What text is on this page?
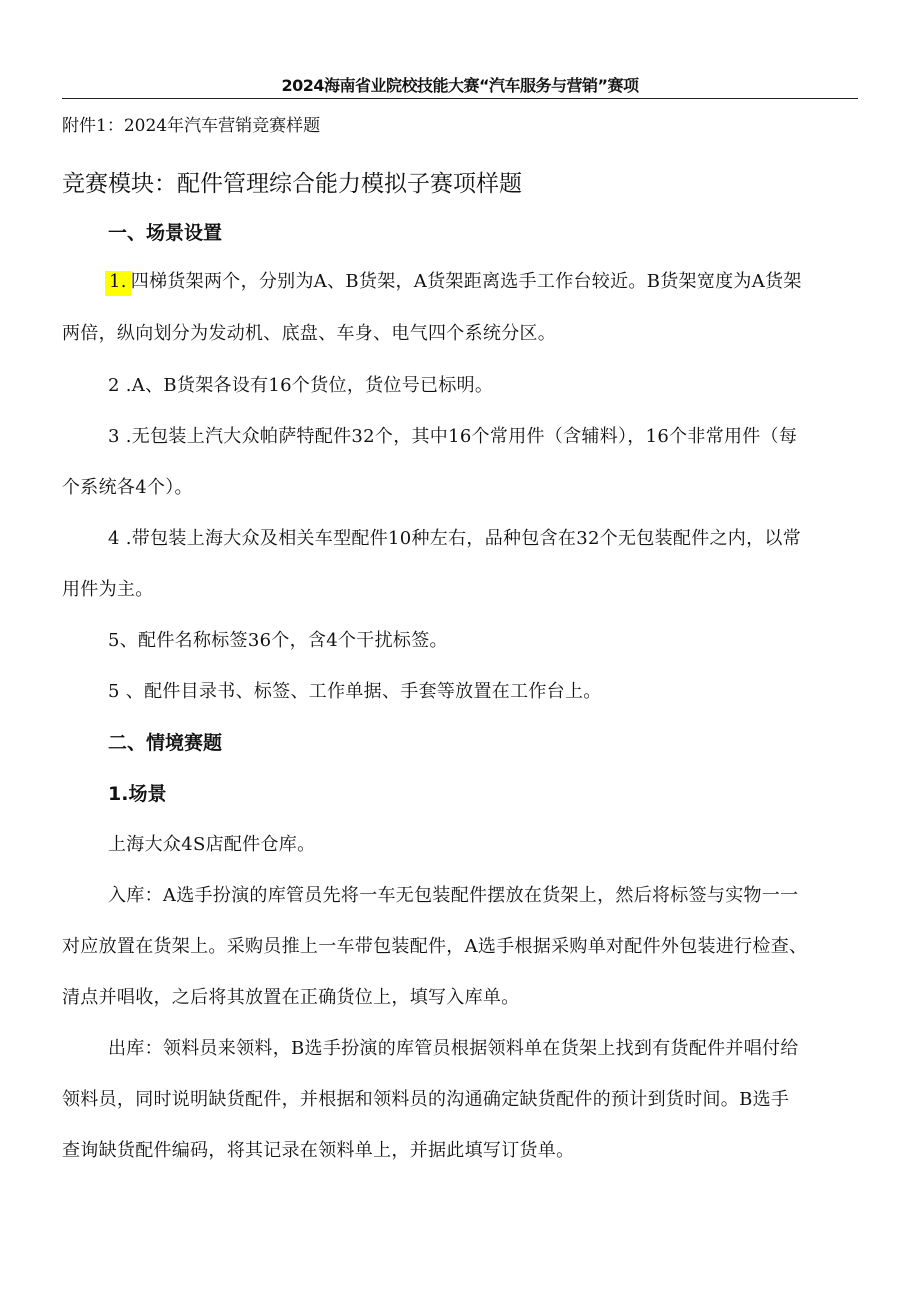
2024海南省业院校技能大赛“汽车服务与营销”赛项
附件1：2024年汽车营销竞赛样题
竞赛模块：配件管理综合能力模拟子赛项样题
一、场景设置
1. 四梯货架两个，分别为A、B货架，A货架距离选手工作台较近。B货架宽度为A货架
两倍，纵向划分为发动机、底盘、车身、电气四个系统分区。
2 .A、B货架各设有16个货位，货位号已标明。
3 .无包装上汽大众帕萨特配件32个，其中16个常用件（含辅料），16个非常用件（每
个系统各4个）。
4 .带包装上海大众及相关车型配件10种左右，品种包含在32个无包装配件之内，以常
用件为主。
5、配件名称标签36个，含4个干扰标签。
5 、配件目录书、标签、工作单据、手套等放置在工作台上。
二、情境赛题
1.场景
上海大众4S店配件仓库。
入库：A选手扮演的库管员先将一车无包装配件摆放在货架上，然后将标签与实物一一
对应放置在货架上。采购员推上一车带包装配件，A选手根据采购单对配件外包装进行检查、
清点并唱收，之后将其放置在正确货位上，填写入库单。
出库：领料员来领料，B选手扮演的库管员根据领料单在货架上找到有货配件并唱付给
领料员，同时说明缺货配件，并根据和领料员的沟通确定缺货配件的预计到货时间。B选手
查询缺货配件编码，将其记录在领料单上，并据此填写订货单。
